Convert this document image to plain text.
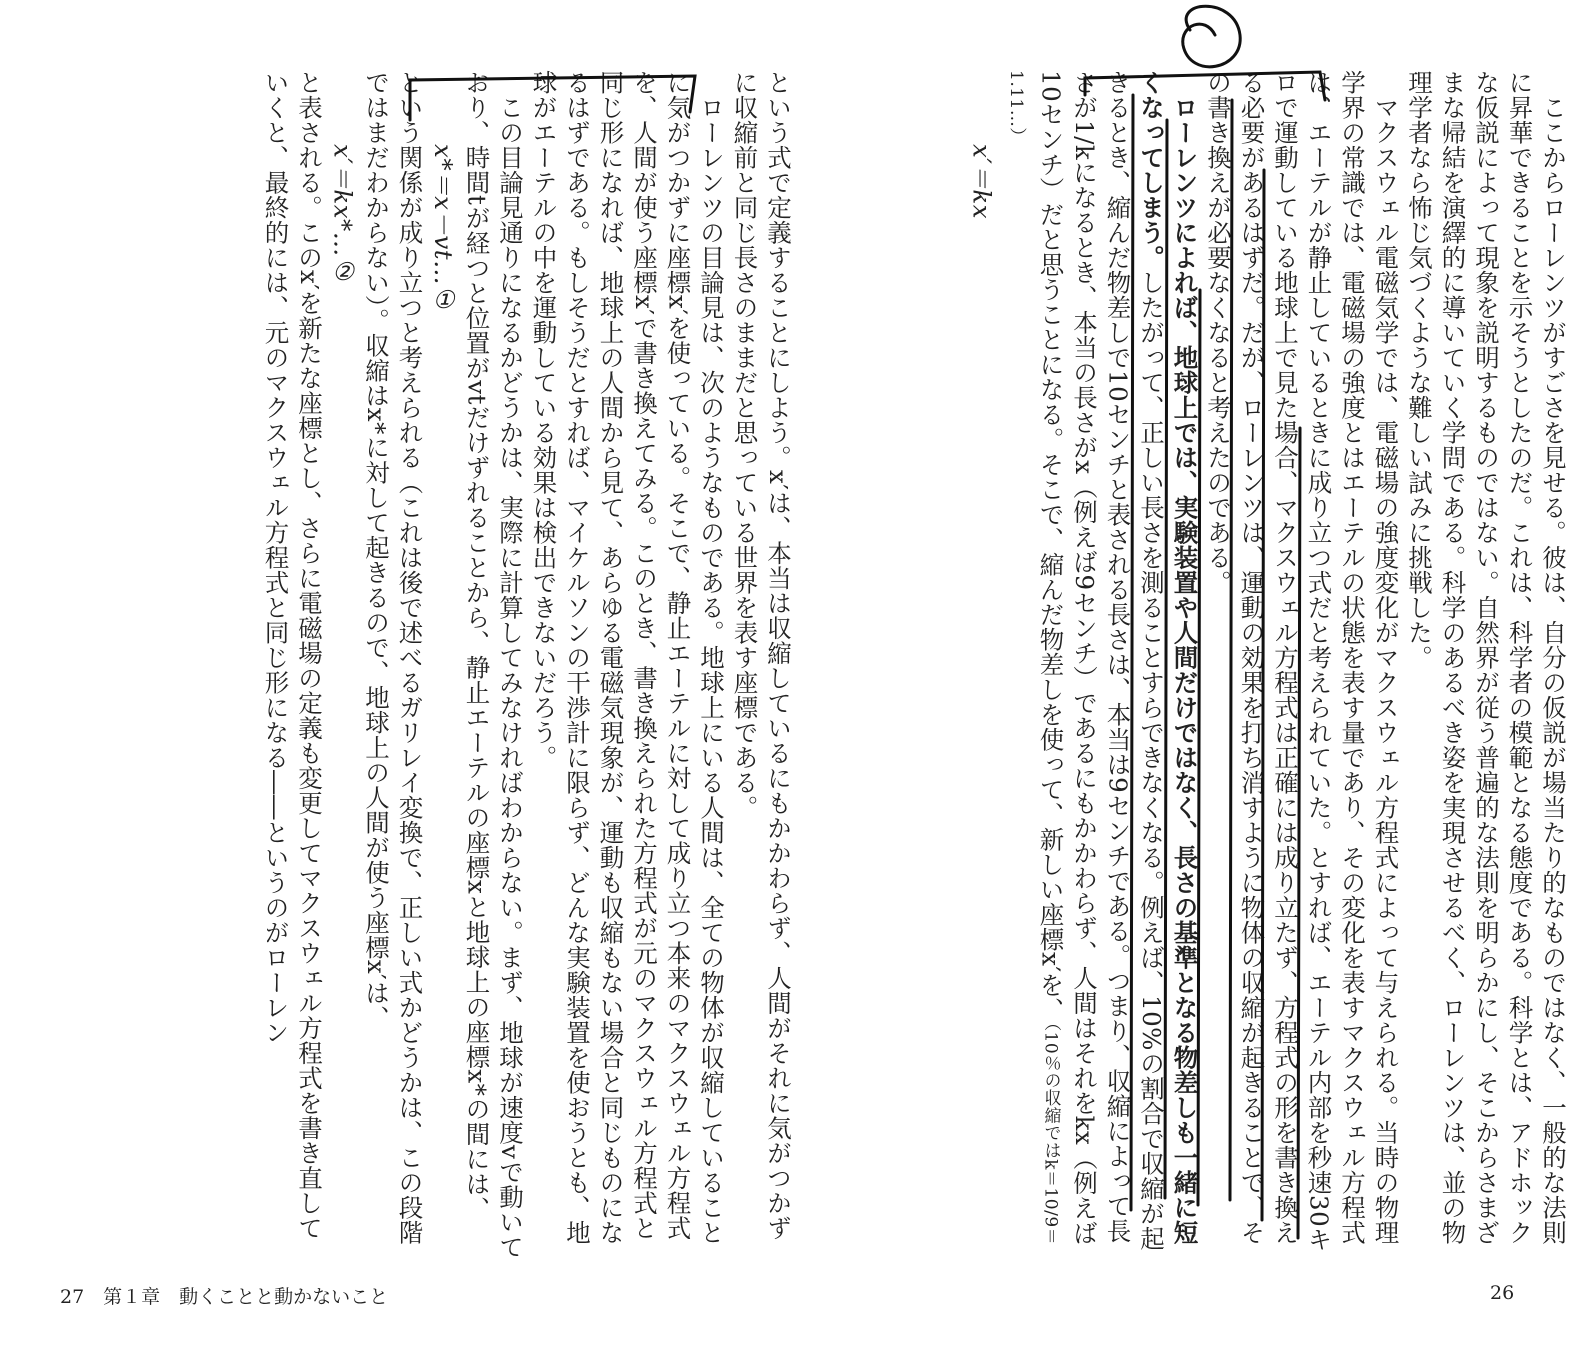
ここからローレンツがすごさを見せる。彼は、自分の仮説が場当たり的なものではなく、一般的な法則に昇華できることを示そうとしたのだ。これは、科学者の模範となる態度である。科学とは、アドホックな仮説によって現象を説明するものではない。自然界が従う普遍的な法則を明らかにし、そこからさまざまな帰結を演繹的に導いていく学問である。科学のあるべき姿を実現させるべく、ローレンツは、並の物理学者なら怖じ気づくような難しい試みに挑戦した。

マクスウェル電磁気学では、電磁場の強度変化がマクスウェル方程式によって与えられる。当時の物理学界の常識では、電磁場の強度とはエーテルの状態を表す量であり、その変化を表すマクスウェル方程式は、エーテルが静止しているときに成り立つ式だと考えられていた。とすれば、エーテル内部を秒速30キロで運動している地球上で見た場合、マクスウェル方程式は正確には成り立たず、方程式の形を書き換える必要があるはずだ。だが、ローレンツは、運動の効果を打ち消すように物体の収縮が起きることで、その書き換えが必要なくなると考えたのである。

ローレンツによれば、地球上では、実験装置や人間だけではなく、長さの基準となる物差しも一緒に短くなってしまう。したがって、正しい長さを測ることすらできなくなる。例えば、10%の割合で収縮が起きるとき、縮んだ物差しで10センチと表される長さは、本当は9センチである。つまり、収縮によって長さが1/kになるとき、本当の長さがx（例えば9センチ）であるにもかかわらず、人間はそれをkx（例えば10センチ）だと思うことになる。そこで、縮んだ物差しを使って、新しい座標x′を、（10％の収縮ではk＝10/9＝1.11…）

x′＝kx

という式で定義することにしよう。x′は、本当は収縮しているにもかかわらず、人間がそれに気がつかずに収縮前と同じ長さのままだと思っている世界を表す座標である。

ローレンツの目論見は、次のようなものである。地球上にいる人間は、全ての物体が収縮していることに気がつかずに座標x′を使っている。そこで、静止エーテルに対して成り立つ本来のマクスウェル方程式を、人間が使う座標x′で書き換えてみる。このとき、書き換えられた方程式が元のマクスウェル方程式と同じ形になれば、地球上の人間から見て、あらゆる電磁気現象が、運動も収縮もない場合と同じものになるはずである。もしそうだとすれば、マイケルソンの干渉計に限らず、どんな実験装置を使おうとも、地球がエーテルの中を運動している効果は検出できないだろう。

この目論見通りになるかどうかは、実際に計算してみなければわからない。まず、地球が速度vで動いており、時間tが経つと位置がvtだけずれることから、静止エーテルの座標xと地球上の座標x*の間には、

x*＝x－vt…①

という関係が成り立つと考えられる（これは後で述べるガリレイ変換で、正しい式かどうかは、この段階ではまだわからない）。収縮はx*に対して起きるので、地球上の人間が使う座標x′は、

x′＝kx*…②

と表される。このx′を新たな座標とし、さらに電磁場の定義も変更してマクスウェル方程式を書き直していくと、最終的には、元のマクスウェル方程式と同じ形になる――というのがローレン

27　第１章　動くことと動かないこと	26
